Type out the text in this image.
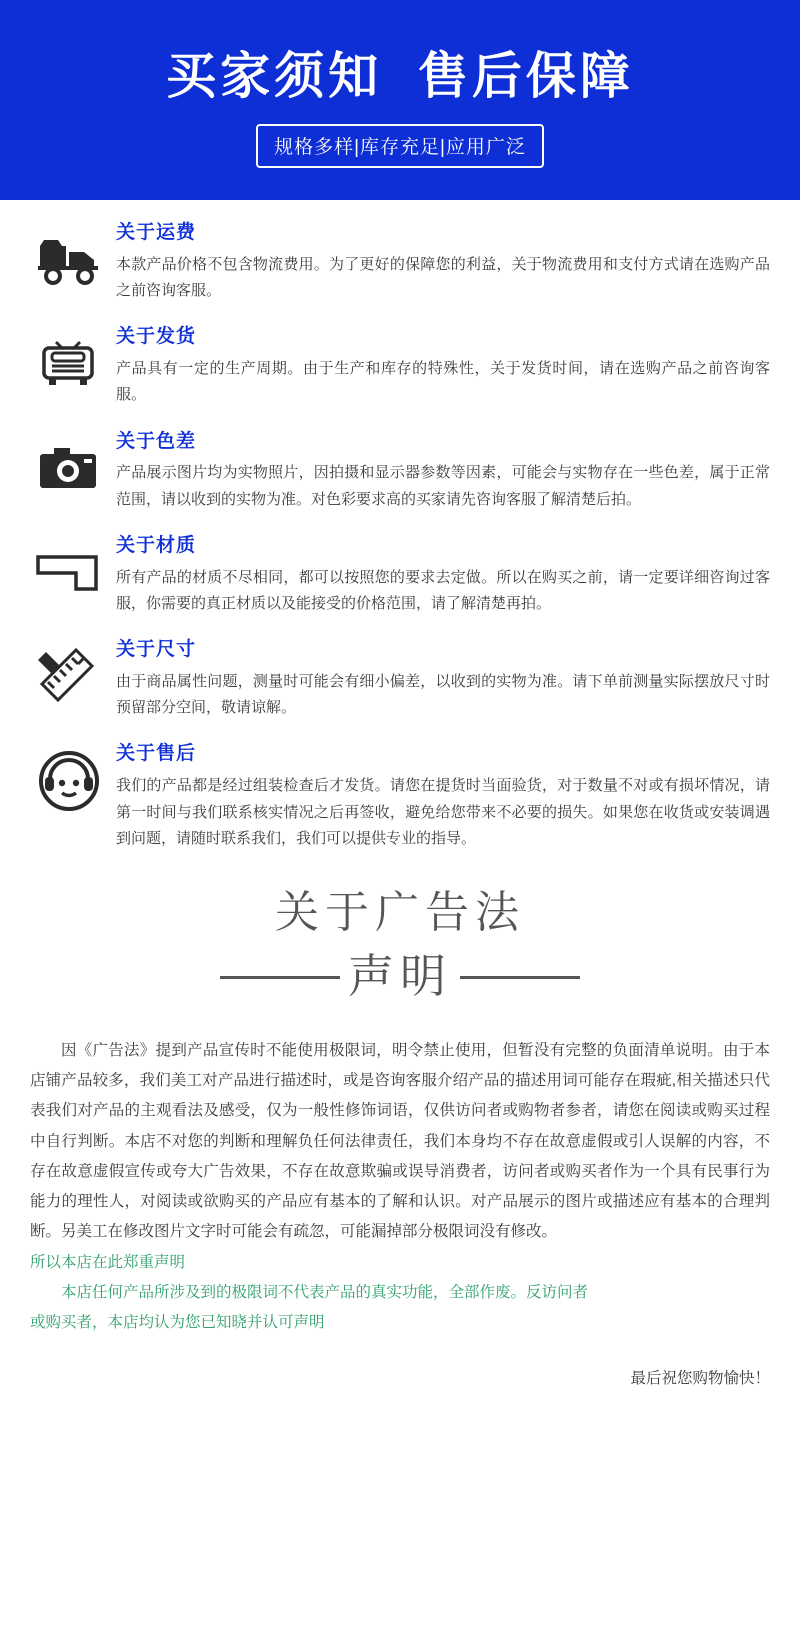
买家须知  售后保障
规格多样|库存充足|应用广泛
关于运费
本款产品价格不包含物流费用。为了更好的保障您的利益，关于物流费用和支付方式请在选购产品之前咨询客服。
关于发货
产品具有一定的生产周期。由于生产和库存的特殊性，关于发货时间，请在选购产品之前咨询客服。
关于色差
产品展示图片均为实物照片，因拍摄和显示器参数等因素，可能会与实物存在一些色差，属于正常范围，请以收到的实物为准。对色彩要求高的买家请先咨询客服了解清楚后拍。
关于材质
所有产品的材质不尽相同，都可以按照您的要求去定做。所以在购买之前，请一定要详细咨询过客服，你需要的真正材质以及能接受的价格范围，请了解清楚再拍。
关于尺寸
由于商品属性问题，测量时可能会有细小偏差，以收到的实物为准。请下单前测量实际摆放尺寸时预留部分空间，敬请谅解。
关于售后
我们的产品都是经过组装检查后才发货。请您在提货时当面验货，对于数量不对或有损坏情况，请第一时间与我们联系核实情况之后再签收，避免给您带来不必要的损失。如果您在收货或安装调遇到问题，请随时联系我们，我们可以提供专业的指导。
关于广告法
声明
因《广告法》提到产品宣传时不能使用极限词，明令禁止使用，但暂没有完整的负面清单说明。由于本店铺产品较多，我们美工对产品进行描述时，或是咨询客服介绍产品的描述用词可能存在瑕疵,相关描述只代表我们对产品的主观看法及感受，仅为一般性修饰词语，仅供访问者或购物者参者，请您在阅读或购买过程中自行判断。本店不对您的判断和理解负任何法律责任，我们本身均不存在故意虚假或引人误解的内容，不存在故意虚假宣传或夸大广告效果，不存在故意欺骗或误导消费者，访问者或购买者作为一个具有民事行为能力的理性人，对阅读或欲购买的产品应有基本的了解和认识。对产品展示的图片或描述应有基本的合理判断。另美工在修改图片文字时可能会有疏忽，可能漏掉部分极限词没有修改。
所以本店在此郑重声明
本店任何产品所涉及到的极限词不代表产品的真实功能，全部作废。反访问者
或购买者，本店均认为您已知晓并认可声明
最后祝您购物愉快！
